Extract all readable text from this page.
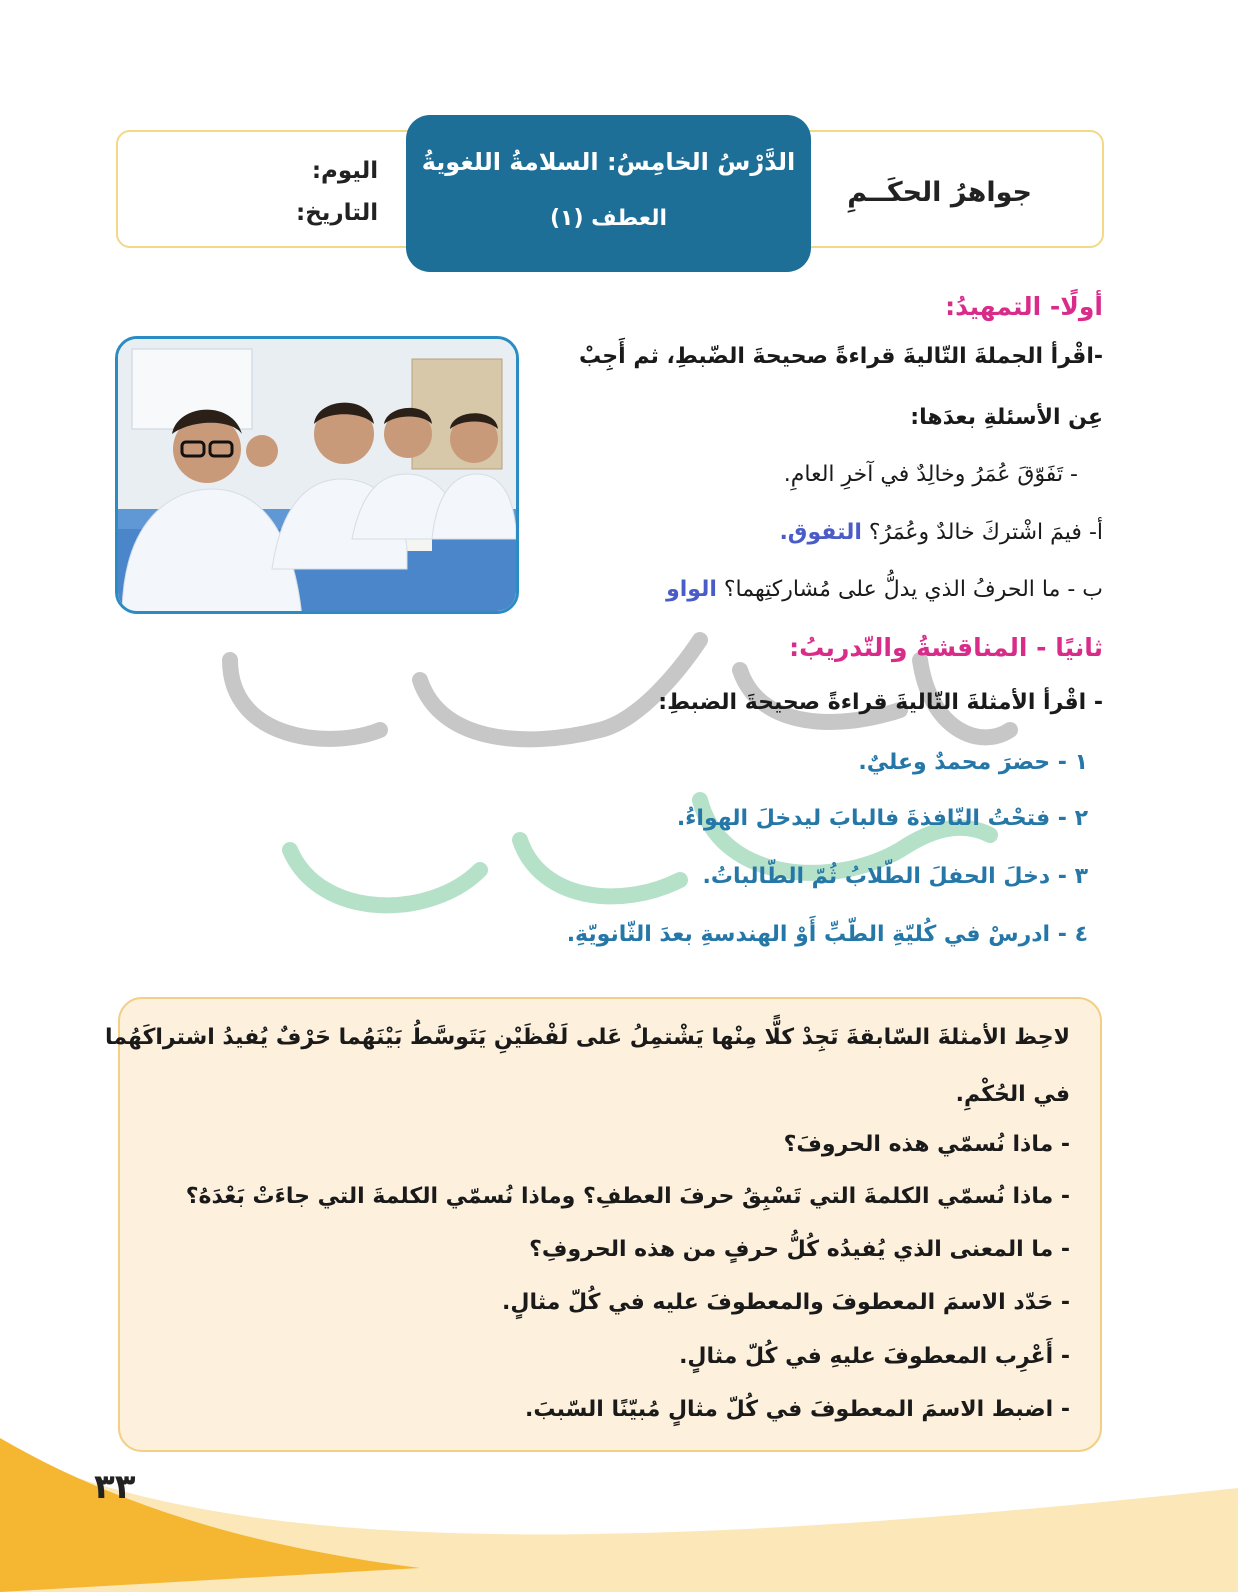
جواهرُ الحكَــمِ
اليوم:
التاريخ:
الدَّرْسُ الخامِسُ: السلامةُ اللغويةُ
العطف (١)
أولًا- التمهيدُ:
-اقْرأ الجملةَ التّاليةَ قراءةً صحيحةَ الضّبطِ، ثم أَجِبْ
عِن الأسئلةِ بعدَها:
- تَفَوّقَ عُمَرُ وخالِدٌ في آخرِ العامِ.
أ- فيمَ اشْتركَ خالدٌ وعُمَرُ؟ التفوق.
ب - ما الحرفُ الذي يدلُّ على مُشاركتِهما؟ الواو
ثانيًا - المناقشةُ والتّدريبُ:
- اقْرأ الأمثلةَ التّاليةَ قراءةً صحيحةَ الضبطِ:
١ - حضرَ محمدٌ وعليٌ.
٢ - فتحْتُ النّافذةَ فالبابَ ليدخلَ الهواءُ.
٣ - دخلَ الحفلَ الطّلابُ ثُمّ الطّالباتُ.
٤ - ادرسْ في كُليّةِ الطّبِّ أَوْ الهندسةِ بعدَ الثّانويّةِ.
لاحِظ الأمثلةَ السّابقةَ تَجِدْ كلًّا مِنْها يَشْتمِلُ عَلى لَفْظَيْنِ يَتَوسَّطُ بَيْنَهُما حَرْفٌ يُفيدُ اشتراكَهُما
في الحُكْمِ.
- ماذا نُسمّي هذه الحروفَ؟
- ماذا نُسمّي الكلمةَ التي تَسْبِقُ حرفَ العطفِ؟ وماذا نُسمّي الكلمةَ التي جاءَتْ بَعْدَهُ؟
- ما المعنى الذي يُفيدُه كُلُّ حرفٍ من هذه الحروفِ؟
- حَدّد الاسمَ المعطوفَ والمعطوفَ عليه في كُلّ مثالٍ.
- أَعْرِب المعطوفَ عليهِ في كُلّ مثالٍ.
- اضبط الاسمَ المعطوفَ في كُلّ مثالٍ مُبيّنًا السّببَ.
٣٣
